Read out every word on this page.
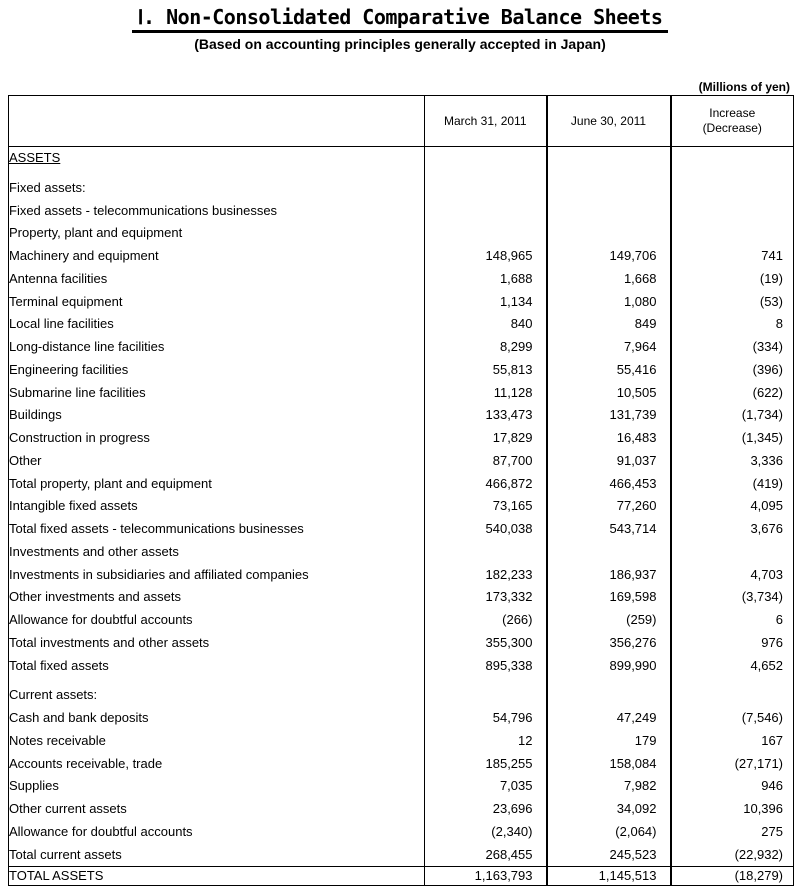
Ⅰ. Non-Consolidated Comparative Balance Sheets
(Based on accounting principles generally accepted in Japan)
(Millions of yen)
	March 31, 2011	June 30, 2011	Increase
(Decrease)
ASSETS			

Fixed assets:			
Fixed assets - telecommunications businesses			
Property, plant and equipment			
Machinery and equipment	148,965	149,706	741
Antenna facilities	1,688	1,668	(19)
Terminal equipment	1,134	1,080	(53)
Local line facilities	840	849	8
Long-distance line facilities	8,299	7,964	(334)
Engineering facilities	55,813	55,416	(396)
Submarine line facilities	11,128	10,505	(622)
Buildings	133,473	131,739	(1,734)
Construction in progress	17,829	16,483	(1,345)
Other	87,700	91,037	3,336
Total property, plant and equipment	466,872	466,453	(419)
Intangible fixed assets	73,165	77,260	4,095
Total fixed assets - telecommunications businesses	540,038	543,714	3,676
Investments and other assets			
Investments in subsidiaries and affiliated companies	182,233	186,937	4,703
Other investments and assets	173,332	169,598	(3,734)
Allowance for doubtful accounts	(266)	(259)	6
Total investments and other assets	355,300	356,276	976
Total fixed assets	895,338	899,990	4,652

Current assets:			
Cash and bank deposits	54,796	47,249	(7,546)
Notes receivable	12	179	167
Accounts receivable, trade	185,255	158,084	(27,171)
Supplies	7,035	7,982	946
Other current assets	23,696	34,092	10,396
Allowance for doubtful accounts	(2,340)	(2,064)	275
Total current assets	268,455	245,523	(22,932)
TOTAL ASSETS	1,163,793	1,145,513	(18,279)
